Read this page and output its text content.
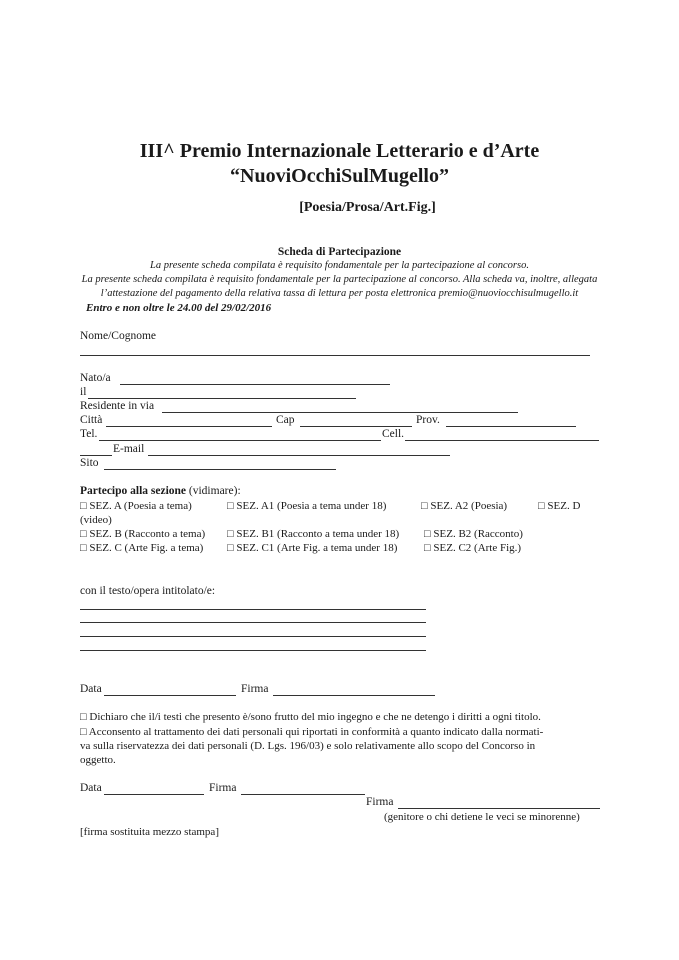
III^ Premio Internazionale Letterario e d’Arte
“NuoviOcchiSulMugello”
[Poesia/Prosa/Art.Fig.]
Scheda di Partecipazione
La presente scheda compilata è requisito fondamentale per la partecipazione al concorso.
La presente scheda compilata è requisito fondamentale per la partecipazione al concorso. Alla scheda va, inoltre, allegata
l’attestazione del pagamento della relativa tassa di lettura per posta elettronica premio@nuoviocchisulmugello.it
Entro e non oltre le 24.00 del 29/02/2016
Nome/Cognome
Nato/a
il
Residente in via
Città	Cap	Prov.
Tel.	Cell.
E-mail
Sito
Partecipo alla sezione (vidimare):
□ SEZ. A (Poesia a tema)	□ SEZ. A1 (Poesia a tema under 18)	□ SEZ. A2 (Poesia)	□ SEZ. D
(video)
□ SEZ. B (Racconto a tema) □ SEZ. B1 (Racconto a tema under 18) □ SEZ. B2 (Racconto)
□ SEZ. C (Arte Fig. a tema) □ SEZ. C1 (Arte Fig. a tema under 18) □ SEZ. C2 (Arte Fig.)
con il testo/opera intitolato/e:
Data	Firma
□ Dichiaro che il/i testi che presento è/sono frutto del mio ingegno e che ne detengo i diritti a ogni titolo.
□ Acconsento al trattamento dei dati personali qui riportati in conformità a quanto indicato dalla normati-
va sulla riservatezza dei dati personali (D. Lgs. 196/03) e solo relativamente allo scopo del Concorso in
oggetto.
Data	Firma
Firma
(genitore o chi detiene le veci se minorenne)
[firma sostituita mezzo stampa]
